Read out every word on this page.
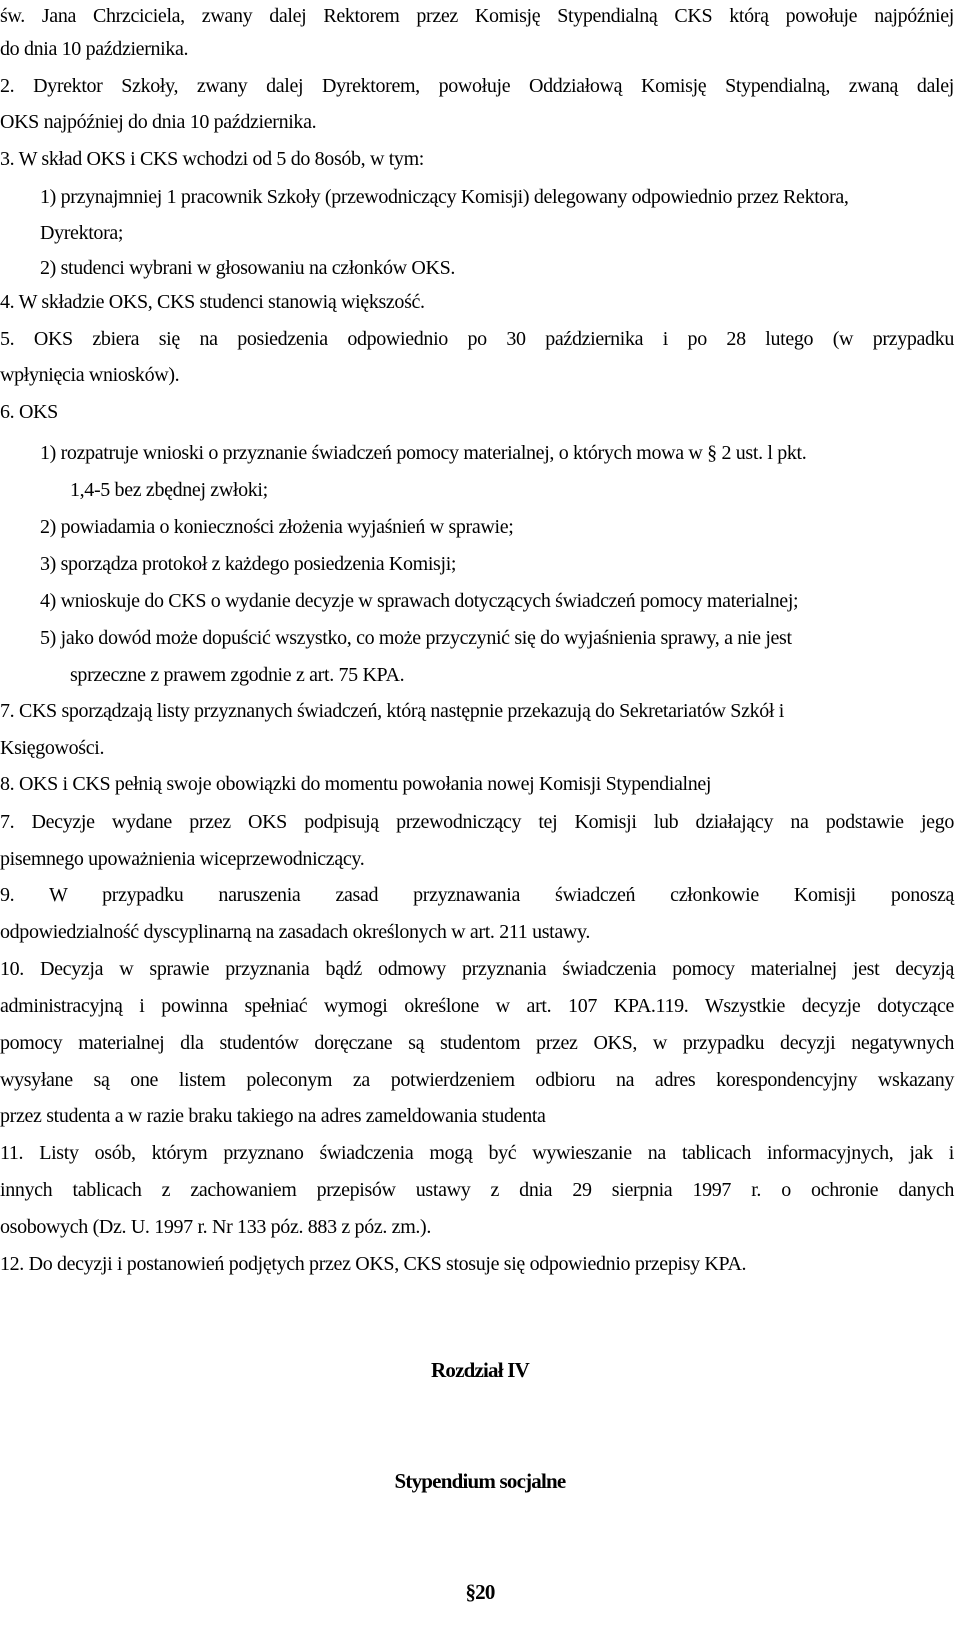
św. Jana Chrzciciela, zwany dalej Rektorem przez Komisję Stypendialną CKS którą powołuje najpóźniej
do dnia 10 października.
2. Dyrektor Szkoły, zwany dalej Dyrektorem, powołuje Oddziałową Komisję Stypendialną, zwaną dalej
OKS najpóźniej do dnia 10 października.
3. W skład OKS i CKS wchodzi od 5 do 8osób, w tym:
1) przynajmniej 1 pracownik Szkoły (przewodniczący Komisji) delegowany odpowiednio przez Rektora,
Dyrektora;
2) studenci wybrani w głosowaniu na członków OKS.
4. W składzie OKS, CKS studenci stanowią większość.
5. OKS zbiera się na posiedzenia odpowiednio po 30 października i po 28 lutego (w przypadku
wpłynięcia wniosków).
6. OKS
1) rozpatruje wnioski o przyznanie świadczeń pomocy materialnej, o których mowa w § 2 ust. l pkt.
1,4-5 bez zbędnej zwłoki;
2) powiadamia o konieczności złożenia wyjaśnień w sprawie;
3) sporządza protokoł z każdego posiedzenia Komisji;
4) wnioskuje do CKS o wydanie decyzje w sprawach dotyczących świadczeń pomocy materialnej;
5) jako dowód może dopuścić wszystko, co może przyczynić się do wyjaśnienia sprawy, a nie jest
sprzeczne z prawem zgodnie z art. 75 KPA.
7. CKS sporządzają listy przyznanych świadczeń, którą następnie przekazują do Sekretariatów Szkół i
Księgowości.
8. OKS i CKS pełnią swoje obowiązki do momentu powołania nowej Komisji Stypendialnej
7. Decyzje wydane przez OKS podpisują przewodniczący tej Komisji lub działający na podstawie jego
pisemnego upoważnienia wiceprzewodniczący.
9. W przypadku naruszenia zasad przyznawania świadczeń członkowie Komisji ponoszą
odpowiedzialność dyscyplinarną na zasadach określonych w art. 211 ustawy.
10. Decyzja w sprawie przyznania bądź odmowy przyznania świadczenia pomocy materialnej jest decyzją
administracyjną i powinna spełniać wymogi określone w art. 107 KPA.119. Wszystkie decyzje dotyczące
pomocy materialnej dla studentów doręczane są studentom przez OKS, w przypadku decyzji negatywnych
wysyłane są one listem poleconym za potwierdzeniem odbioru na adres korespondencyjny wskazany
przez studenta a w razie braku takiego na adres zameldowania studenta
11. Listy osób, którym przyznano świadczenia mogą być wywieszanie na tablicach informacyjnych, jak i
innych tablicach z zachowaniem przepisów ustawy z dnia 29 sierpnia 1997 r. o ochronie danych
osobowych (Dz. U. 1997 r. Nr 133 póz. 883 z póz. zm.).
12. Do decyzji i postanowień podjętych przez OKS, CKS stosuje się odpowiednio przepisy KPA.
Rozdział IV
Stypendium socjalne
§20
